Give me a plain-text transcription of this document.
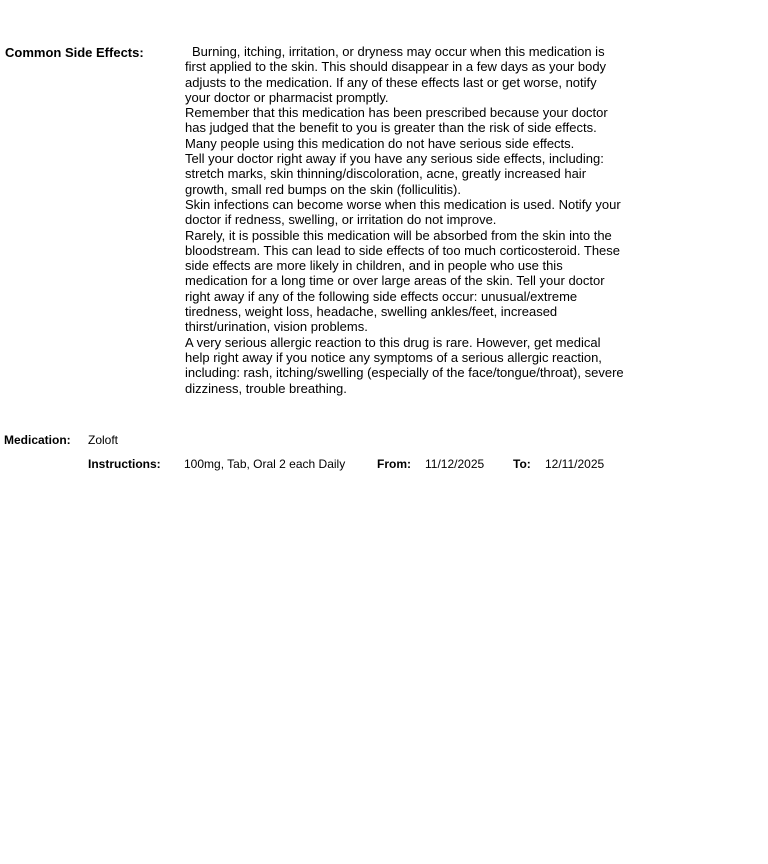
Common Side Effects:	Burning, itching, irritation, or dryness may occur when this medication is first applied to the skin. This should disappear in a few days as your body adjusts to the medication. If any of these effects last or get worse, notify your doctor or pharmacist promptly.

Remember that this medication has been prescribed because your doctor has judged that the benefit to you is greater than the risk of side effects. Many people using this medication do not have serious side effects.

Tell your doctor right away if you have any serious side effects, including: stretch marks, skin thinning/discoloration, acne, greatly increased hair growth, small red bumps on the skin (folliculitis).

Skin infections can become worse when this medication is used. Notify your doctor if redness, swelling, or irritation do not improve.

Rarely, it is possible this medication will be absorbed from the skin into the bloodstream. This can lead to side effects of too much corticosteroid. These side effects are more likely in children, and in people who use this medication for a long time or over large areas of the skin. Tell your doctor right away if any of the following side effects occur: unusual/extreme tiredness, weight loss, headache, swelling ankles/feet, increased thirst/urination, vision problems.

A very serious allergic reaction to this drug is rare. However, get medical help right away if you notice any symptoms of a serious allergic reaction, including: rash, itching/swelling (especially of the face/tongue/throat), severe dizziness, trouble breathing.

Medication: Zoloft
Instructions: 100mg, Tab, Oral 2 each Daily	From: 11/12/2025 To: 12/11/2025
